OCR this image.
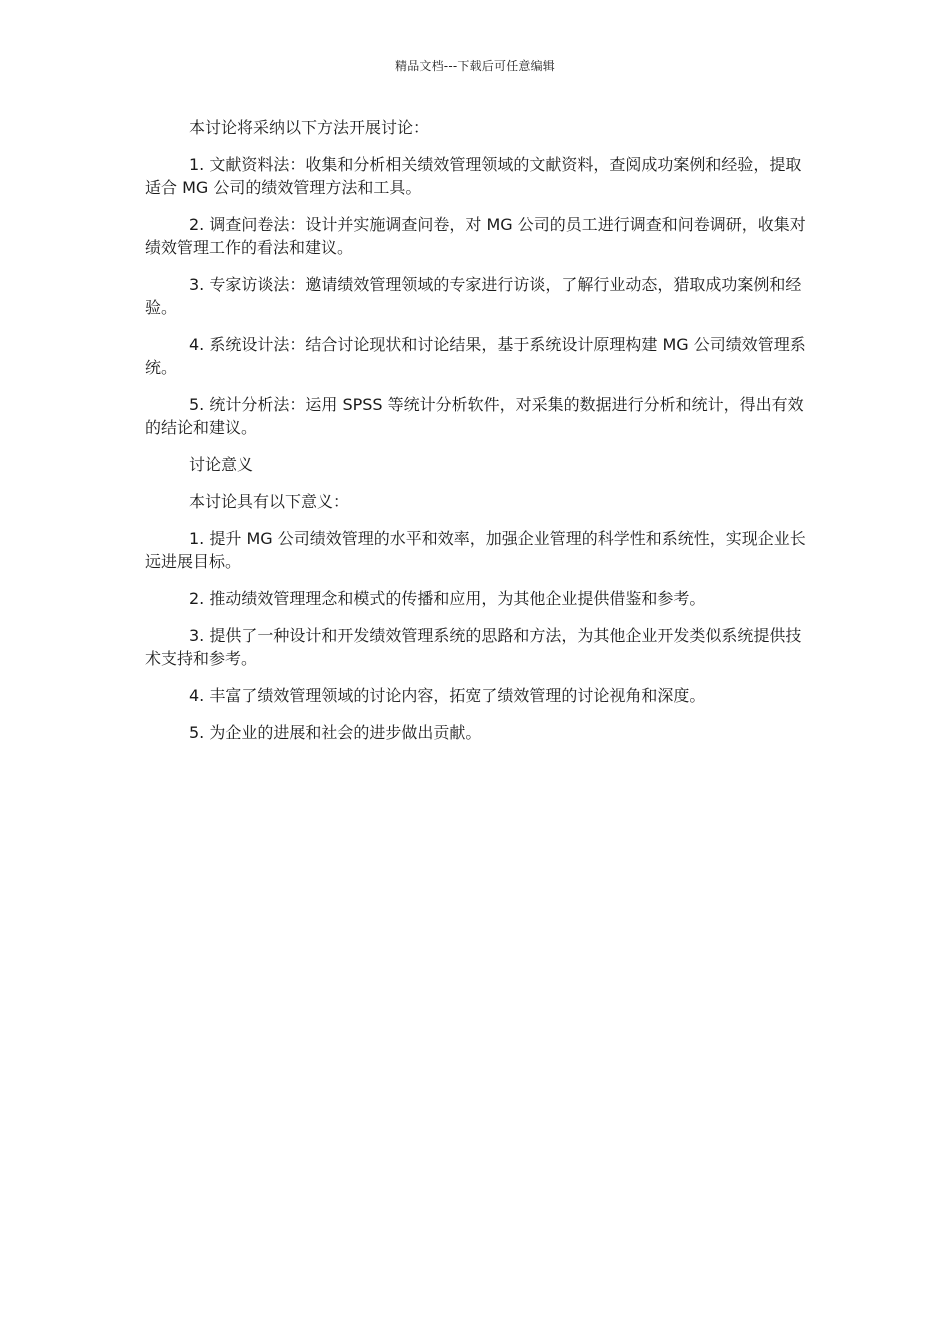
精品文档---下载后可任意编辑

本讨论将采纳以下方法开展讨论：

1. 文献资料法：收集和分析相关绩效管理领域的文献资料，查阅成功案例和经验，提取适合 MG 公司的绩效管理方法和工具。

2. 调查问卷法：设计并实施调查问卷，对 MG 公司的员工进行调查和问卷调研，收集对绩效管理工作的看法和建议。

3. 专家访谈法：邀请绩效管理领域的专家进行访谈，了解行业动态，猎取成功案例和经验。

4. 系统设计法：结合讨论现状和讨论结果，基于系统设计原理构建 MG 公司绩效管理系统。

5. 统计分析法：运用 SPSS 等统计分析软件，对采集的数据进行分析和统计，得出有效的结论和建议。

讨论意义

本讨论具有以下意义：

1. 提升 MG 公司绩效管理的水平和效率，加强企业管理的科学性和系统性，实现企业长远进展目标。

2. 推动绩效管理理念和模式的传播和应用，为其他企业提供借鉴和参考。

3. 提供了一种设计和开发绩效管理系统的思路和方法，为其他企业开发类似系统提供技术支持和参考。

4. 丰富了绩效管理领域的讨论内容，拓宽了绩效管理的讨论视角和深度。

5. 为企业的进展和社会的进步做出贡献。
